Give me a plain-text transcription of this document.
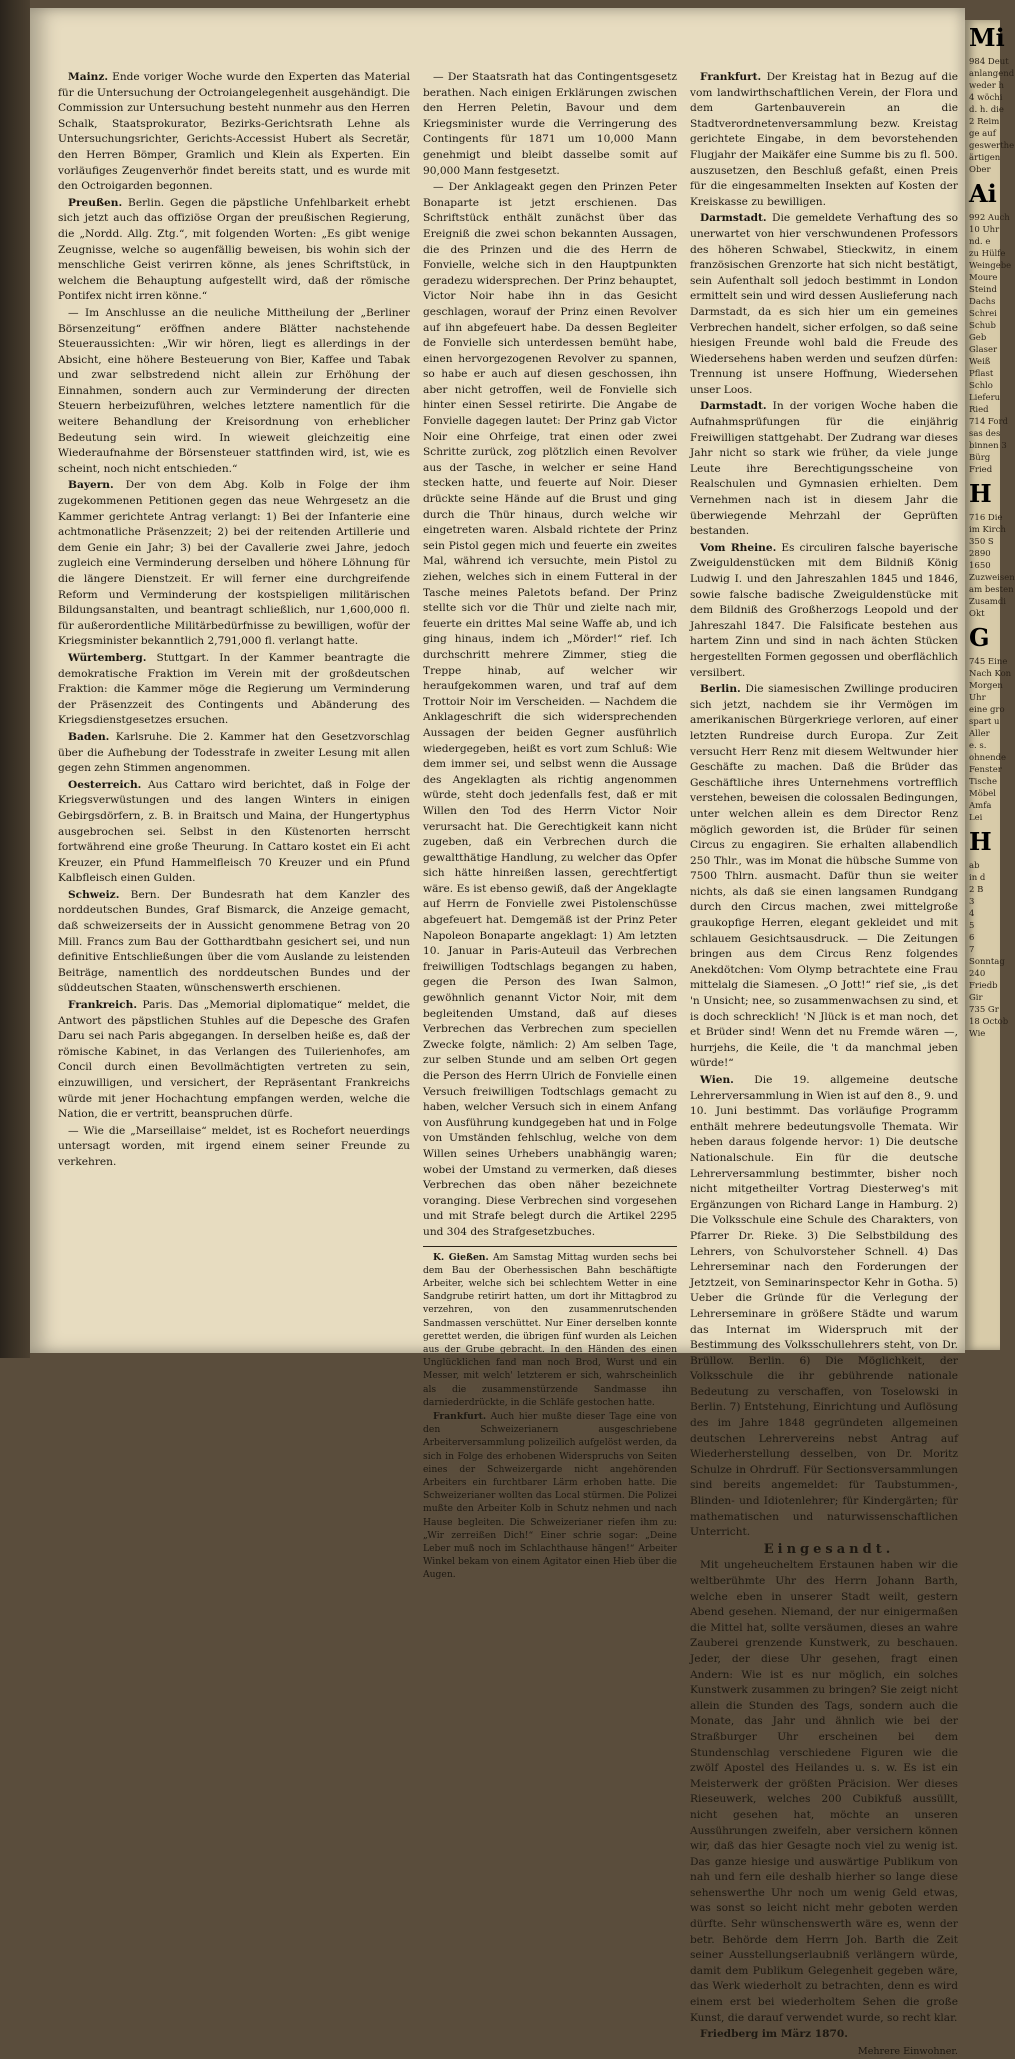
Mainz. Ende voriger Woche wurde den Experten das Material für die Untersuchung der Octroiangelegenheit ausgehändigt. Die Commission zur Untersuchung besteht nunmehr aus den Herren Schalk, Staatsprokurator, Bezirks-Gerichtsrath Lehne als Untersuchungsrichter, Gerichts-Accessist Hubert als Secretär, den Herren Bömper, Gramlich und Klein als Experten. Ein vorläufiges Zeugenverhör findet bereits statt, und es wurde mit den Octroigarden begonnen.

Preußen. Berlin. Gegen die päpstliche Unfehlbarkeit erhebt sich jetzt auch das offiziöse Organ der preußischen Regierung, die „Nordd. Allg. Ztg.“, mit folgenden Worten: „Es gibt wenige Zeugnisse, welche so augenfällig beweisen, bis wohin sich der menschliche Geist verirren könne, als jenes Schriftstück, in welchem die Behauptung aufgestellt wird, daß der römische Pontifex nicht irren könne.“

— Im Anschlusse an die neuliche Mittheilung der „Berliner Börsenzeitung“ eröffnen andere Blätter nachstehende Steueraussichten: „Wir wir hören, liegt es allerdings in der Absicht, eine höhere Besteuerung von Bier, Kaffee und Tabak und zwar selbstredend nicht allein zur Erhöhung der Einnahmen, sondern auch zur Verminderung der directen Steuern herbeizuführen, welches letztere namentlich für die weitere Behandlung der Kreisordnung von erheblicher Bedeutung sein wird. In wieweit gleichzeitig eine Wiederaufnahme der Börsensteuer stattfinden wird, ist, wie es scheint, noch nicht entschieden.“

Bayern. Der von dem Abg. Kolb in Folge der ihm zugekommenen Petitionen gegen das neue Wehrgesetz an die Kammer gerichtete Antrag verlangt: 1) Bei der Infanterie eine achtmonatliche Präsenzzeit; 2) bei der reitenden Artillerie und dem Genie ein Jahr; 3) bei der Cavallerie zwei Jahre, jedoch zugleich eine Verminderung derselben und höhere Löhnung für die längere Dienstzeit. Er will ferner eine durchgreifende Reform und Verminderung der kostspieligen militärischen Bildungsanstalten, und beantragt schließlich, nur 1,600,000 fl. für außerordentliche Militärbedürfnisse zu bewilligen, wofür der Kriegsminister bekanntlich 2,791,000 fl. verlangt hatte.

Würtemberg. Stuttgart. In der Kammer beantragte die demokratische Fraktion im Verein mit der großdeutschen Fraktion: die Kammer möge die Regierung um Verminderung der Präsenzzeit des Contingents und Abänderung des Kriegsdienstgesetzes ersuchen.

Baden. Karlsruhe. Die 2. Kammer hat den Gesetzvorschlag über die Aufhebung der Todesstrafe in zweiter Lesung mit allen gegen zehn Stimmen angenommen.

Oesterreich. Aus Cattaro wird berichtet, daß in Folge der Kriegsverwüstungen und des langen Winters in einigen Gebirgsdörfern, z. B. in Braitsch und Maina, der Hungertyphus ausgebrochen sei. Selbst in den Küstenorten herrscht fortwährend eine große Theurung. In Cattaro kostet ein Ei acht Kreuzer, ein Pfund Hammelfleisch 70 Kreuzer und ein Pfund Kalbfleisch einen Gulden.

Schweiz. Bern. Der Bundesrath hat dem Kanzler des norddeutschen Bundes, Graf Bismarck, die Anzeige gemacht, daß schweizerseits der in Aussicht genommene Betrag von 20 Mill. Francs zum Bau der Gotthardtbahn gesichert sei, und nun definitive Entschließungen über die vom Auslande zu leistenden Beiträge, namentlich des norddeutschen Bundes und der süddeutschen Staaten, wünschenswerth erschienen.

Frankreich. Paris. Das „Memorial diplomatique“ meldet, die Antwort des päpstlichen Stuhles auf die Depesche des Grafen Daru sei nach Paris abgegangen. In derselben heiße es, daß der römische Kabinet, in das Verlangen des Tuilerienhofes, am Concil durch einen Bevollmächtigten vertreten zu sein, einzuwilligen, und versichert, der Repräsentant Frankreichs würde mit jener Hochachtung empfangen werden, welche die Nation, die er vertritt, beanspruchen dürfe.

— Wie die „Marseillaise“ meldet, ist es Rochefort neuerdings untersagt worden, mit irgend einem seiner Freunde zu verkehren.

— Der Staatsrath hat das Contingentsgesetz berathen. Nach einigen Erklärungen zwischen den Herren Peletin, Bavour und dem Kriegsminister wurde die Verringerung des Contingents für 1871 um 10,000 Mann genehmigt und bleibt dasselbe somit auf 90,000 Mann festgesetzt.

— Der Anklageakt gegen den Prinzen Peter Bonaparte ist jetzt erschienen. Das Schriftstück enthält zunächst über das Ereigniß die zwei schon bekannten Aussagen, die des Prinzen und die des Herrn de Fonvielle, welche sich in den Hauptpunkten geradezu widersprechen. Der Prinz behauptet, Victor Noir habe ihn in das Gesicht geschlagen, worauf der Prinz einen Revolver auf ihn abgefeuert habe. Da dessen Begleiter de Fonvielle sich unterdessen bemüht habe, einen hervorgezogenen Revolver zu spannen, so habe er auch auf diesen geschossen, ihn aber nicht getroffen, weil de Fonvielle sich hinter einen Sessel retirirte. Die Angabe de Fonvielle dagegen lautet: Der Prinz gab Victor Noir eine Ohrfeige, trat einen oder zwei Schritte zurück, zog plötzlich einen Revolver aus der Tasche, in welcher er seine Hand stecken hatte, und feuerte auf Noir. Dieser drückte seine Hände auf die Brust und ging durch die Thür hinaus, durch welche wir eingetreten waren. Alsbald richtete der Prinz sein Pistol gegen mich und feuerte ein zweites Mal, während ich versuchte, mein Pistol zu ziehen, welches sich in einem Futteral in der Tasche meines Paletots befand. Der Prinz stellte sich vor die Thür und zielte nach mir, feuerte ein drittes Mal seine Waffe ab, und ich ging hinaus, indem ich „Mörder!“ rief. Ich durchschritt mehrere Zimmer, stieg die Treppe hinab, auf welcher wir heraufgekommen waren, und traf auf dem Trottoir Noir im Verscheiden. — Nachdem die Anklageschrift die sich widersprechenden Aussagen der beiden Gegner ausführlich wiedergegeben, heißt es vort zum Schluß: Wie dem immer sei, und selbst wenn die Aussage des Angeklagten als richtig angenommen würde, steht doch jedenfalls fest, daß er mit Willen den Tod des Herrn Victor Noir verursacht hat. Die Gerechtigkeit kann nicht zugeben, daß ein Verbrechen durch die gewaltthätige Handlung, zu welcher das Opfer sich hätte hinreißen lassen, gerechtfertigt wäre. Es ist ebenso gewiß, daß der Angeklagte auf Herrn de Fonvielle zwei Pistolenschüsse abgefeuert hat. Demgemäß ist der Prinz Peter Napoleon Bonaparte angeklagt: 1) Am letzten 10. Januar in Paris-Auteuil das Verbrechen freiwilligen Todtschlags begangen zu haben, gegen die Person des Iwan Salmon, gewöhnlich genannt Victor Noir, mit dem begleitenden Umstand, daß auf dieses Verbrechen das Verbrechen zum speciellen Zwecke folgte, nämlich: 2) Am selben Tage, zur selben Stunde und am selben Ort gegen die Person des Herrn Ulrich de Fonvielle einen Versuch freiwilligen Todtschlags gemacht zu haben, welcher Versuch sich in einem Anfang von Ausführung kundgegeben hat und in Folge von Umständen fehlschlug, welche von dem Willen seines Urhebers unabhängig waren; wobei der Umstand zu vermerken, daß dieses Verbrechen das oben näher bezeichnete voranging. Diese Verbrechen sind vorgesehen und mit Strafe belegt durch die Artikel 2295 und 304 des Strafgesetzbuches.

K. Gießen. Am Samstag Mittag wurden sechs bei dem Bau der Oberhessischen Bahn beschäftigte Arbeiter, welche sich bei schlechtem Wetter in eine Sandgrube retirirt hatten, um dort ihr Mittagbrod zu verzehren, von den zusammenrutschenden Sandmassen verschüttet. Nur Einer derselben konnte gerettet werden, die übrigen fünf wurden als Leichen aus der Grube gebracht. In den Händen des einen Unglücklichen fand man noch Brod, Wurst und ein Messer, mit welch' letzterem er sich, wahrscheinlich als die zusammenstürzende Sandmasse ihn darniederdrückte, in die Schläfe gestochen hatte.

Frankfurt. Auch hier mußte dieser Tage eine von den Schweizerianern ausgeschriebene Arbeiterversammlung polizeilich aufgelöst werden, da sich in Folge des erhobenen Widerspruchs von Seiten eines der Schweizergarde nicht angehörenden Arbeiters ein furchtbarer Lärm erhoben hatte. Die Schweizerianer wollten das Local stürmen. Die Polizei mußte den Arbeiter Kolb in Schutz nehmen und nach Hause begleiten. Die Schweizerianer riefen ihm zu: „Wir zerreißen Dich!“ Einer schrie sogar: „Deine Leber muß noch im Schlachthause hängen!“ Arbeiter Winkel bekam von einem Agitator einen Hieb über die Augen.

Frankfurt. Der Kreistag hat in Bezug auf die vom landwirthschaftlichen Verein, der Flora und dem Gartenbauverein an die Stadtverordnetenversammlung bezw. Kreistag gerichtete Eingabe, in dem bevorstehenden Flugjahr der Maikäfer eine Summe bis zu fl. 500. auszusetzen, den Beschluß gefaßt, einen Preis für die eingesammelten Insekten auf Kosten der Kreiskasse zu bewilligen.

Darmstadt. Die gemeldete Verhaftung des so unerwartet von hier verschwundenen Professors des höheren Schwabel, Stieckwitz, in einem französischen Grenzorte hat sich nicht bestätigt, sein Aufenthalt soll jedoch bestimmt in London ermittelt sein und wird dessen Auslieferung nach Darmstadt, da es sich hier um ein gemeines Verbrechen handelt, sicher erfolgen, so daß seine hiesigen Freunde wohl bald die Freude des Wiedersehens haben werden und seufzen dürfen: Trennung ist unsere Hoffnung, Wiedersehen unser Loos.

Darmstadt. In der vorigen Woche haben die Aufnahmsprüfungen für die einjährig Freiwilligen stattgehabt. Der Zudrang war dieses Jahr nicht so stark wie früher, da viele junge Leute ihre Berechtigungsscheine von Realschulen und Gymnasien erhielten. Dem Vernehmen nach ist in diesem Jahr die überwiegende Mehrzahl der Geprüften bestanden.

Vom Rheine. Es circuliren falsche bayerische Zweiguldenstücken mit dem Bildniß König Ludwig I. und den Jahreszahlen 1845 und 1846, sowie falsche badische Zweiguldenstücke mit dem Bildniß des Großherzogs Leopold und der Jahreszahl 1847. Die Falsificate bestehen aus hartem Zinn und sind in nach ächten Stücken hergestellten Formen gegossen und oberflächlich versilbert.

Berlin. Die siamesischen Zwillinge produciren sich jetzt, nachdem sie ihr Vermögen im amerikanischen Bürgerkriege verloren, auf einer letzten Rundreise durch Europa. Zur Zeit versucht Herr Renz mit diesem Weltwunder hier Geschäfte zu machen. Daß die Brüder das Geschäftliche ihres Unternehmens vortrefflich verstehen, beweisen die colossalen Bedingungen, unter welchen allein es dem Director Renz möglich geworden ist, die Brüder für seinen Circus zu engagiren. Sie erhalten allabendlich 250 Thlr., was im Monat die hübsche Summe von 7500 Thlrn. ausmacht. Dafür thun sie weiter nichts, als daß sie einen langsamen Rundgang durch den Circus machen, zwei mittelgroße graukopfige Herren, elegant gekleidet und mit schlauem Gesichtsausdruck. — Die Zeitungen bringen aus dem Circus Renz folgendes Anekdötchen: Vom Olymp betrachtete eine Frau mittelalg die Siamesen. „O Jott!“ rief sie, „is det 'n Unsicht; nee, so zusammenwachsen zu sind, et is doch schrecklich! 'N Jlück is et man noch, det et Brüder sind! Wenn det nu Fremde wären —, hurrjehs, die Keile, die 't da manchmal jeben würde!“

Wien. Die 19. allgemeine deutsche Lehrerversammlung in Wien ist auf den 8., 9. und 10. Juni bestimmt. Das vorläufige Programm enthält mehrere bedeutungsvolle Themata. Wir heben daraus folgende hervor: 1) Die deutsche Nationalschule. Ein für die deutsche Lehrerversammlung bestimmter, bisher noch nicht mitgetheilter Vortrag Diesterweg's mit Ergänzungen von Richard Lange in Hamburg. 2) Die Volksschule eine Schule des Charakters, von Pfarrer Dr. Rieke. 3) Die Selbstbildung des Lehrers, von Schulvorsteher Schnell. 4) Das Lehrerseminar nach den Forderungen der Jetztzeit, von Seminarinspector Kehr in Gotha. 5) Ueber die Gründe für die Verlegung der Lehrerseminare in größere Städte und warum das Internat im Widerspruch mit der Bestimmung des Volksschullehrers steht, von Dr. Brüllow. Berlin. 6) Die Möglichkeit, der Volksschule die ihr gebührende nationale Bedeutung zu verschaffen, von Toselowski in Berlin. 7) Entstehung, Einrichtung und Auflösung des im Jahre 1848 gegründeten allgemeinen deutschen Lehrervereins nebst Antrag auf Wiederherstellung desselben, von Dr. Moritz Schulze in Ohrdruff. Für Sectionsversammlungen sind bereits angemeldet: für Taubstummen-, Blinden- und Idiotenlehrer; für Kindergärten; für mathematischen und naturwissenschaftlichen Unterricht.

Eingesandt.

Mit ungeheucheltem Erstaunen haben wir die weltberühmte Uhr des Herrn Johann Barth, welche eben in unserer Stadt weilt, gestern Abend gesehen. Niemand, der nur einigermaßen die Mittel hat, sollte versäumen, dieses an wahre Zauberei grenzende Kunstwerk, zu beschauen. Jeder, der diese Uhr gesehen, fragt einen Andern: Wie ist es nur möglich, ein solches Kunstwerk zusammen zu bringen? Sie zeigt nicht allein die Stunden des Tags, sondern auch die Monate, das Jahr und ähnlich wie bei der Straßburger Uhr erscheinen bei dem Stundenschlag verschiedene Figuren wie die zwölf Apostel des Heilandes u. s. w. Es ist ein Meisterwerk der größten Präcision. Wer dieses Rieseuwerk, welches 200 Cubikfuß aussüllt, nicht gesehen hat, möchte an unseren Aussührungen zweifeln, aber versichern können wir, daß das hier Gesagte noch viel zu wenig ist. Das ganze hiesige und auswärtige Publikum von nah und fern eile deshalb hierher so lange diese sehenswerthe Uhr noch um wenig Geld etwas, was sonst so leicht nicht mehr geboten werden dürfte. Sehr wünschenswerth wäre es, wenn der betr. Behörde dem Herrn Joh. Barth die Zeit seiner Ausstellungserlaubniß verlängern würde, damit dem Publikum Gelegenheit gegeben wäre, das Werk wiederholt zu betrachten, denn es wird einem erst bei wiederholtem Sehen die große Kunst, die darauf verwendet wurde, so recht klar.

Friedberg im März 1870.

Mehrere Einwohner.

Mi
984 Deut
anlangend
weder h
4 wöchi
d. h. die
2 Reim
ge auf
geswerthe
ärtigen
Ober
Ai
992 Auch
10 Uhr
nd. e
zu Hülfe
Weingebe
Moure
Steind
Dachs
Schrei
Schub
Geb
Glaser
Weiß
Pflast
Schlo
Lieferu
Ried
714 Ford
sas des
binnen 3
Bürg
Fried
H
716 Die
im Kirch
350 S
2890
1650
Zuzweisen
am besten
Zusamdi
Okt
G
745 Eine
Nach Kon
Morgen
Uhr
eine gro
spart u
Aller
e. s.
ohnende
Fenster
Tische
Möbel
Amfa
Lei
H
ab
in d
2 B
3
4
5
6
7
Sonntag
240
Friedb
Gir
735 Gr
18 Octob
Wie
